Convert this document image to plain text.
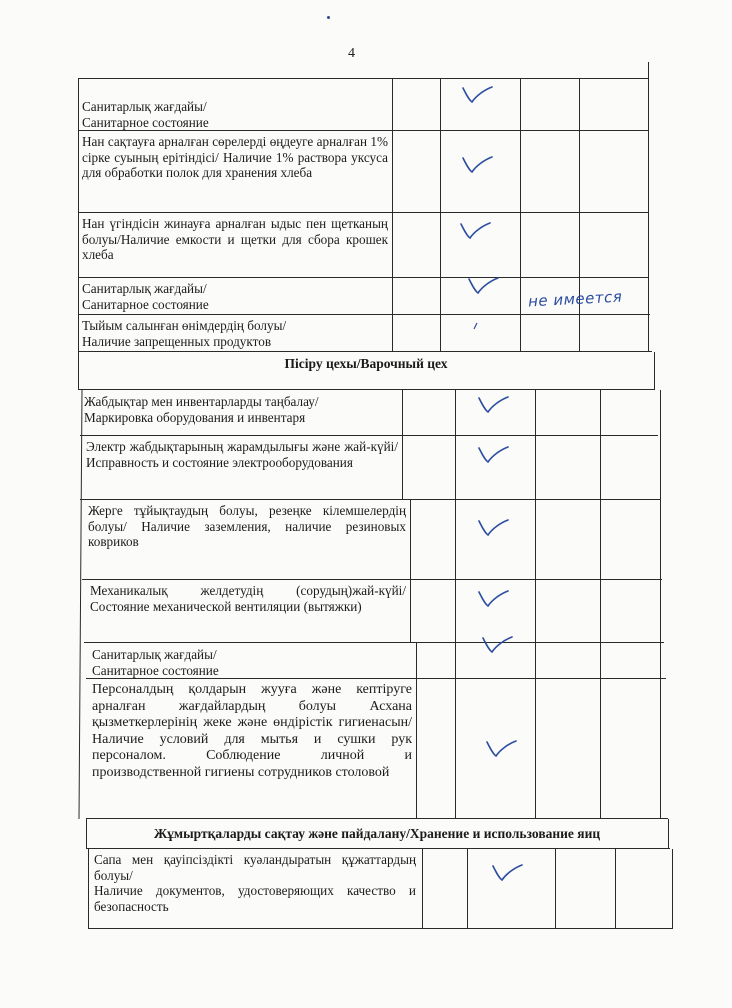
4
Санитарлық жағдайы/
Санитарное состояние
Нан сақтауға арналған сөрелерді өңдеуге арналған 1% сірке суының ерітіндісі/ Наличие 1% раствора уксуса для обработки полок для хранения хлеба
Нан үгіндісін жинауға арналған ыдыс пен щетканың болуы/Наличие емкости и щетки для сбора крошек хлеба
Санитарлық жағдайы/
Санитарное состояние
Тыйым салынған өнімдердің болуы/
Наличие запрещенных продуктов
Пісіру цехы/Варочный цех
Жабдықтар мен инвентарларды таңбалау/
Маркировка оборудования и инвентаря
Электр жабдықтарының жарамдылығы және жай-күйі/Исправность и состояние электрооборудования
Жерге тұйықтаудың болуы, резеңке кілемшелердің болуы/ Наличие заземления, наличие резиновых ковриков
Механикалық желдетудің (сорудың)жай-күйі/Состояние механической вентиляции (вытяжки)
Санитарлық жағдайы/
Санитарное состояние
Персоналдың қолдарын жууға және кептіруге арналған жағдайлардың болуы Асхана қызметкерлерінің жеке және өндірістік гигиенасын/Наличие условий для мытья и сушки рук персоналом. Соблюдение личной и производственной гигиены сотрудников столовой
Жұмыртқаларды сақтау және пайдалану/Хранение и использование яиц
Сапа мен қауіпсіздікті куәландыратын құжаттардың болуы/
Наличие документов, удостоверяющих качество и безопасность
не имеется
